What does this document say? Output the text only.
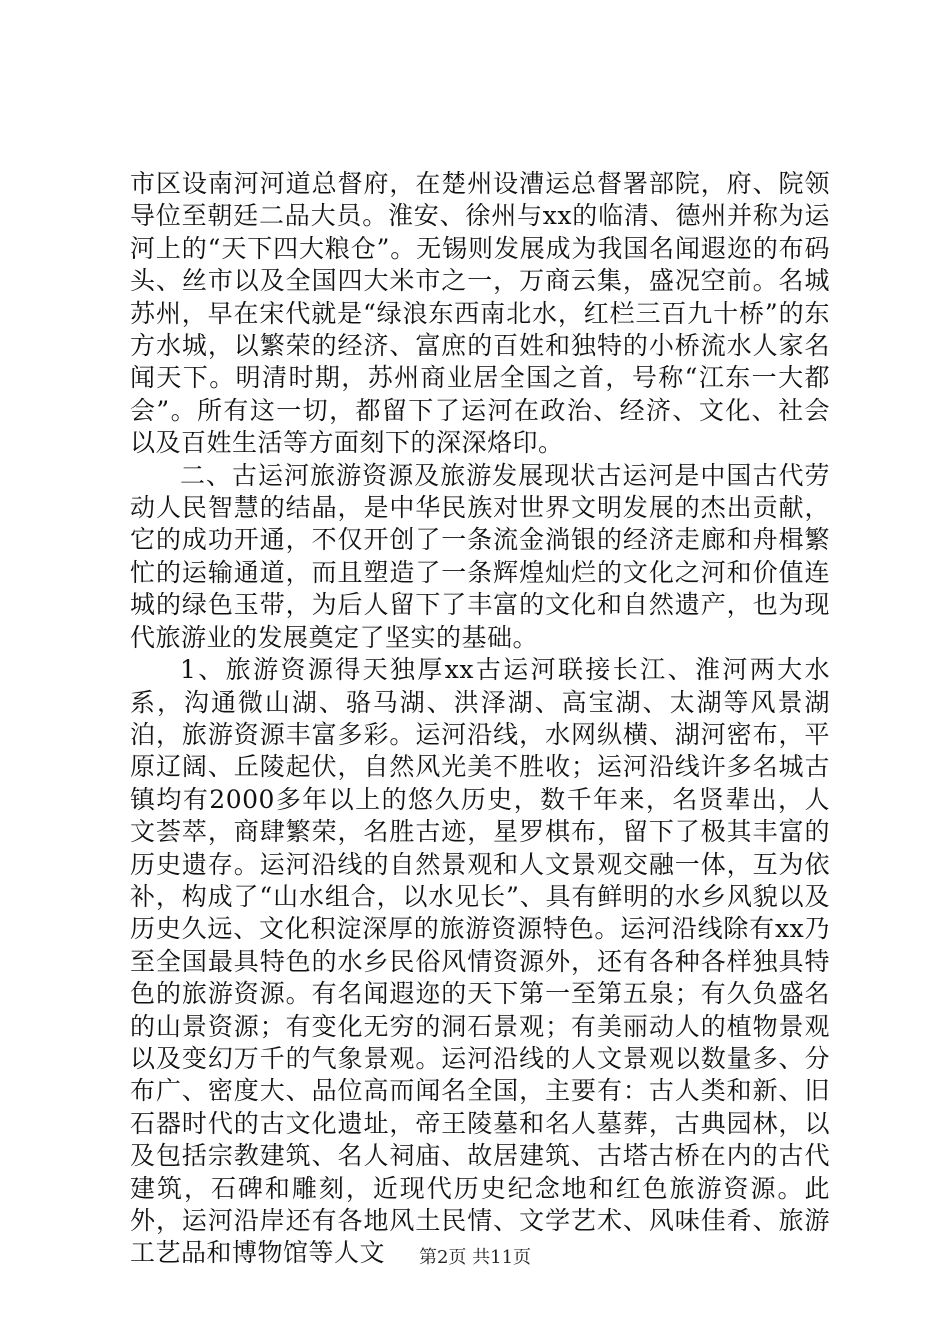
市区设南河河道总督府，在楚州设漕运总督署部院，府、院领导位至朝廷二品大员。淮安、徐州与xx的临清、德州并称为运河上的“天下四大粮仓”。无锡则发展成为我国名闻遐迩的布码头、丝市以及全国四大米市之一，万商云集，盛况空前。名城苏州，早在宋代就是“绿浪东西南北水，红栏三百九十桥”的东方水城，以繁荣的经济、富庶的百姓和独特的小桥流水人家名闻天下。明清时期，苏州商业居全国之首，号称“江东一大都会”。所有这一切，都留下了运河在政治、经济、文化、社会以及百姓生活等方面刻下的深深烙印。

二、古运河旅游资源及旅游发展现状古运河是中国古代劳动人民智慧的结晶，是中华民族对世界文明发展的杰出贡献，它的成功开通，不仅开创了一条流金淌银的经济走廊和舟楫繁忙的运输通道，而且塑造了一条辉煌灿烂的文化之河和价值连城的绿色玉带，为后人留下了丰富的文化和自然遗产，也为现代旅游业的发展奠定了坚实的基础。

1、旅游资源得天独厚xx古运河联接长江、淮河两大水系，沟通微山湖、骆马湖、洪泽湖、高宝湖、太湖等风景湖泊，旅游资源丰富多彩。运河沿线，水网纵横、湖河密布，平原辽阔、丘陵起伏，自然风光美不胜收；运河沿线许多名城古镇均有2000多年以上的悠久历史，数千年来，名贤辈出，人文荟萃，商肆繁荣，名胜古迹，星罗棋布，留下了极其丰富的历史遗存。运河沿线的自然景观和人文景观交融一体，互为依补，构成了“山水组合，以水见长”、具有鲜明的水乡风貌以及历史久远、文化积淀深厚的旅游资源特色。运河沿线除有xx乃至全国最具特色的水乡民俗风情资源外，还有各种各样独具特色的旅游资源。有名闻遐迩的天下第一至第五泉；有久负盛名的山景资源；有变化无穷的洞石景观；有美丽动人的植物景观以及变幻万千的气象景观。运河沿线的人文景观以数量多、分布广、密度大、品位高而闻名全国，主要有：古人类和新、旧石器时代的古文化遗址，帝王陵墓和名人墓葬，古典园林，以及包括宗教建筑、名人祠庙、故居建筑、古塔古桥在内的古代建筑，石碑和雕刻，近现代历史纪念地和红色旅游资源。此外，运河沿岸还有各地风土民情、文学艺术、风味佳肴、旅游工艺品和博物馆等人文	第2页 共11页
